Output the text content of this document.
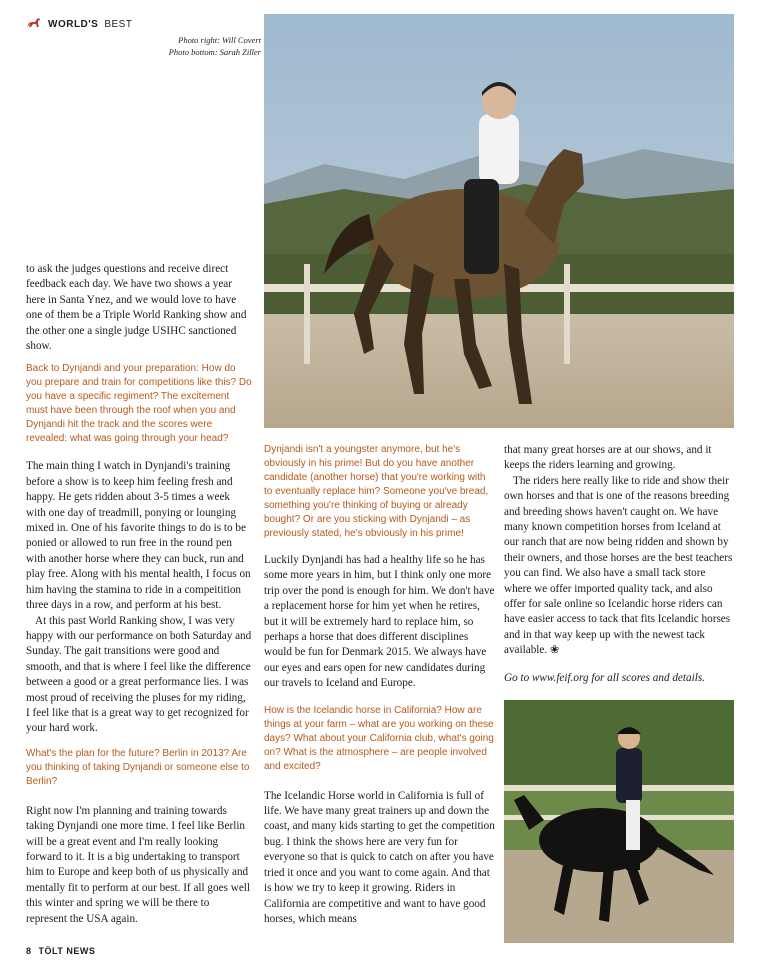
WORLD'S BEST
Photo right: Will Covert
Photo bottom: Sarah Ziller

to ask the judges questions and receive direct feedback each day. We have two shows a year here in Santa Ynez, and we would love to have one of them be a Triple World Ranking show and the other one a single judge USIHC sanctioned show.

Back to Dynjandi and your preparation: How do you prepare and train for competitions like this? Do you have a specific regiment? The excitement must have been through the roof when you and Dynjandi hit the track and the scores were revealed: what was going through your head?

The main thing I watch in Dynjandi's training before a show is to keep him feeling fresh and happy. He gets ridden about 3-5 times a week with one day of treadmill, ponying or lounging mixed in. One of his favorite things to do is to be ponied or allowed to run free in the round pen with another horse where they can buck, run and play free. Along with his mental health, I focus on him having the stamina to ride in a compeitition three days in a row, and perform at his best.

At this past World Ranking show, I was very happy with our performance on both Saturday and Sunday. The gait transitions were good and smooth, and that is where I feel like the difference between a good or a great performance lies. I was most proud of receiving the pluses for my riding, I feel like that is a great way to get recognized for your hard work.

What's the plan for the future? Berlin in 2013? Are you thinking of taking Dynjandi or someone else to Berlin?

Right now I'm planning and training towards taking Dynjandi one more time. I feel like Berlin will be a great event and I'm really looking forward to it. It is a big undertaking to transport him to Europe and keep both of us physically and mentally fit to perform at our best. If all goes well this winter and spring we will be there to represent the USA again.

Dynjandi isn't a youngster anymore, but he's obviously in his prime! But do you have another candidate (another horse) that you're working with to eventually replace him? Someone you've bread, something you're thinking of buying or already bought? Or are you sticking with Dynjandi – as previously stated, he's obviously in his prime!

Luckily Dynjandi has had a healthy life so he has some more years in him, but I think only one more trip over the pond is enough for him. We don't have a replacement horse for him yet when he retires, but it will be extremely hard to replace him, so perhaps a horse that does different disciplines would be fun for Denmark 2015. We always have our eyes and ears open for new candidates during our travels to Iceland and Europe.

How is the Icelandic horse in California? How are things at your farm – what are you working on these days? What about your California club, what's going on? What is the atmosphere – are people involved and excited?

The Icelandic Horse world in California is full of life. We have many great trainers up and down the coast, and many kids starting to get the competition bug. I think the shows here are very fun for everyone so that is quick to catch on after you have tried it once and you want to come again. And that is how we try to keep it growing. Riders in California are competitive and want to have good horses, which means

that many great horses are at our shows, and it keeps the riders learning and growing.

The riders here really like to ride and show their own horses and that is one of the reasons breeding and breeding shows haven't caught on. We have many known competition horses from Iceland at our ranch that are now being ridden and shown by their owners, and those horses are the best teachers you can find. We also have a small tack store where we offer imported quality tack, and also offer for sale online so Icelandic horse riders can have easier access to tack that fits Icelandic horses and in that way keep up with the newest tack available. ❀

Go to www.feif.org for all scores and details.

8 TÖLT NEWS
